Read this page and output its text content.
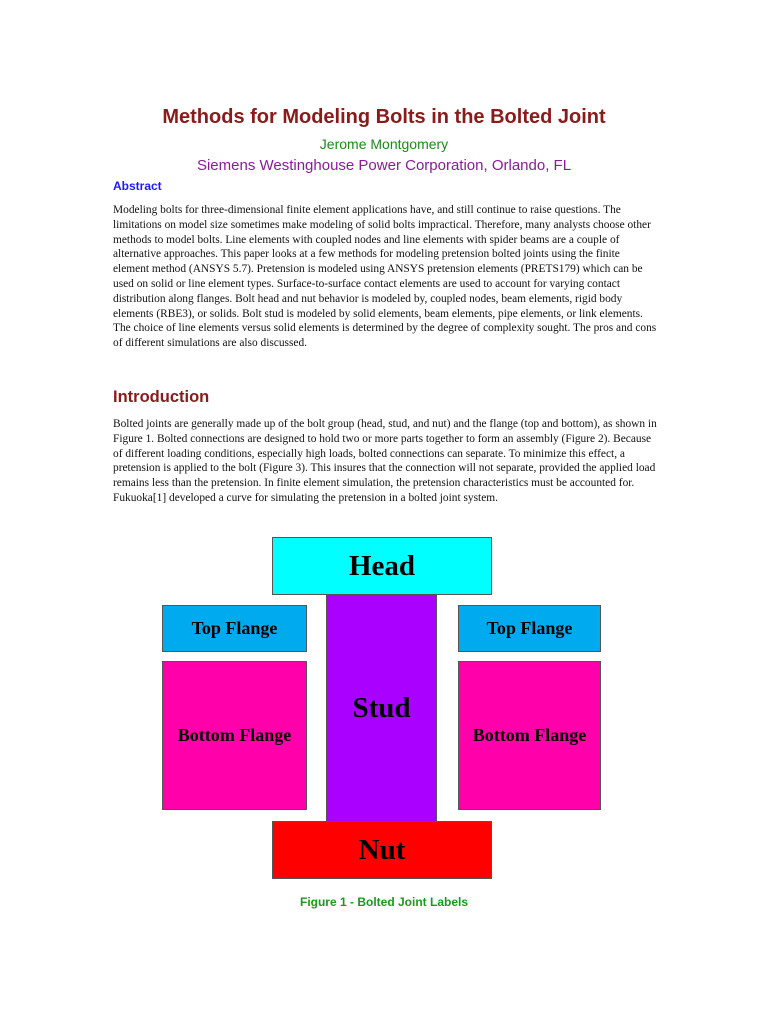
Methods for Modeling Bolts in the Bolted Joint
Jerome Montgomery
Siemens Westinghouse Power Corporation, Orlando, FL
Abstract

Modeling bolts for three-dimensional finite element applications have, and still continue to raise questions. The limitations on model size sometimes make modeling of solid bolts impractical. Therefore, many analysts choose other methods to model bolts. Line elements with coupled nodes and line elements with spider beams are a couple of alternative approaches. This paper looks at a few methods for modeling pretension bolted joints using the finite element method (ANSYS 5.7). Pretension is modeled using ANSYS pretension elements (PRETS179) which can be used on solid or line element types. Surface-to-surface contact elements are used to account for varying contact distribution along flanges. Bolt head and nut behavior is modeled by, coupled nodes, beam elements, rigid body elements (RBE3), or solids. Bolt stud is modeled by solid elements, beam elements, pipe elements, or link elements. The choice of line elements versus solid elements is determined by the degree of complexity sought. The pros and cons of different simulations are also discussed.

Introduction

Bolted joints are generally made up of the bolt group (head, stud, and nut) and the flange (top and bottom), as shown in Figure 1. Bolted connections are designed to hold two or more parts together to form an assembly (Figure 2). Because of different loading conditions, especially high loads, bolted connections can separate. To minimize this effect, a pretension is applied to the bolt (Figure 3). This insures that the connection will not separate, provided the applied load remains less than the pretension. In finite element simulation, the pretension characteristics must be accounted for. Fukuoka[1] developed a curve for simulating the pretension in a bolted joint system.

Head
Stud
Nut
Top Flange	Top Flange
Bottom Flange	Bottom Flange
Figure 1 - Bolted Joint Labels
